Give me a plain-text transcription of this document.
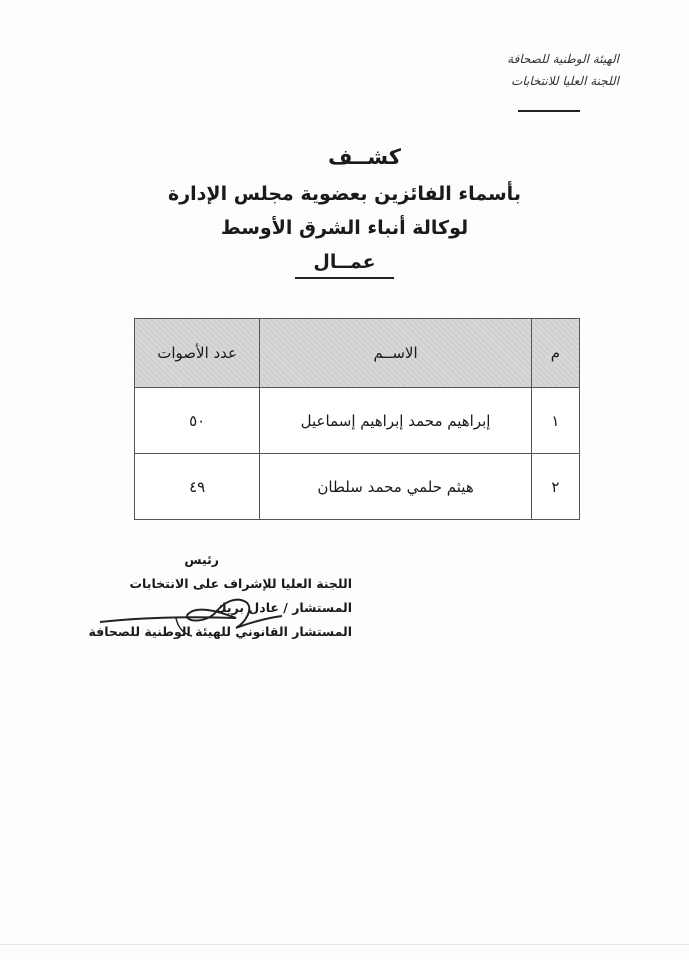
الهيئة الوطنية للصحافة
اللجنة العليا للانتخابات
كشــف
بأسماء الفائزين بعضوية مجلس الإدارة
لوكالة أنباء الشرق الأوسط
عمــال
م	الاســم	عدد الأصوات
١	إبراهيم محمد إبراهيم إسماعيل	٥٠
٢	هيثم حلمي محمد سلطان	٤٩
رئيس
اللجنة العليا للإشراف على الانتخابات
المستشار / عادل بريك
المستشار القانوني للهيئة الوطنية للصحافة
